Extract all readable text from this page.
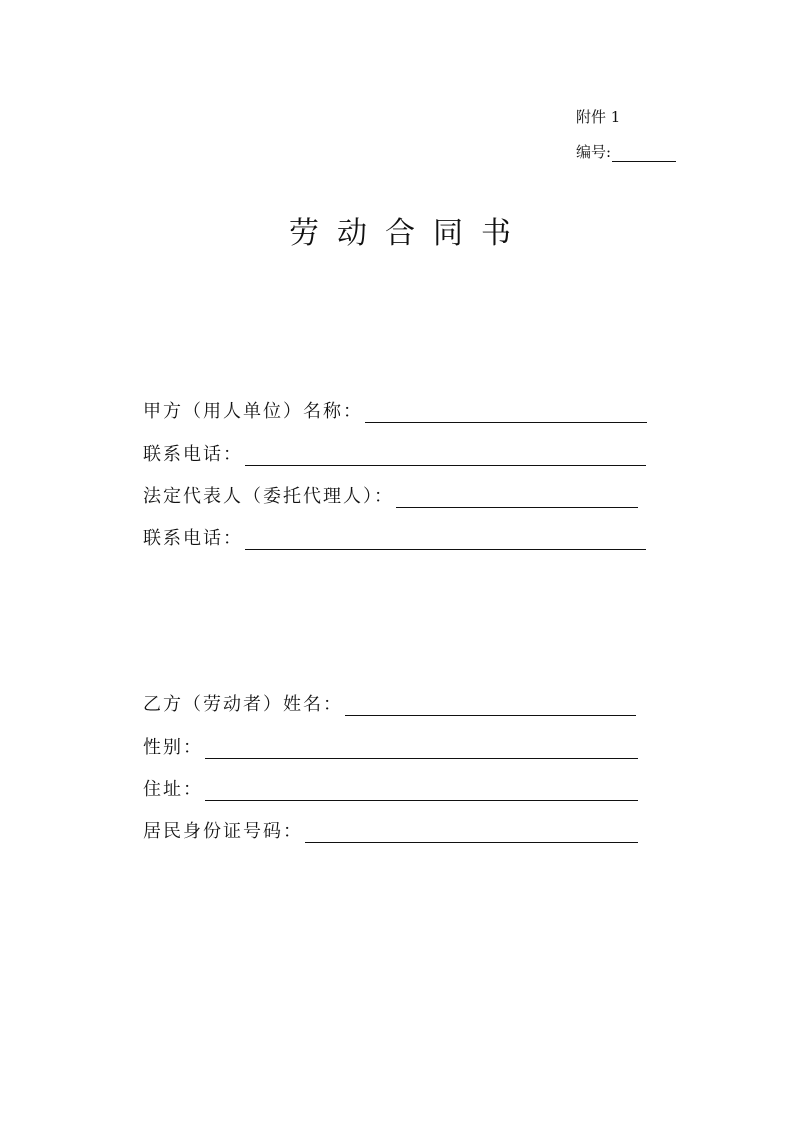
附件 1
编号:
劳动合同书
甲方（用人单位）名称：
联系电话：
法定代表人（委托代理人）：
联系电话：
乙方（劳动者）姓名：
性别：
住址：
居民身份证号码：
